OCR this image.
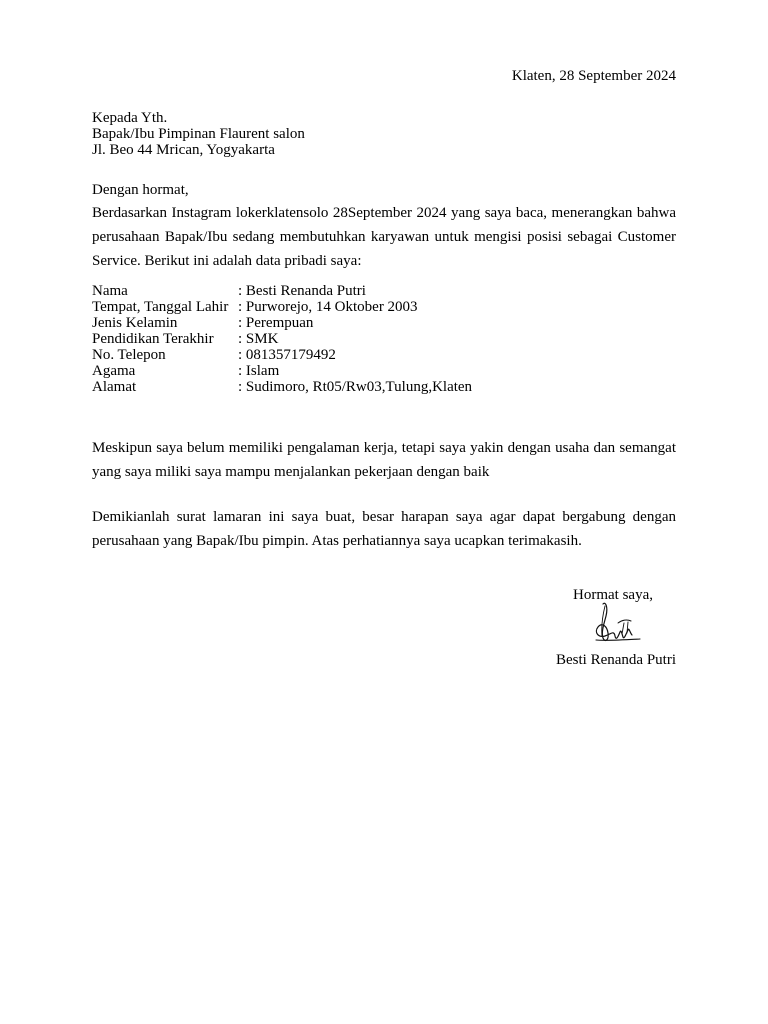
Klaten, 28 September 2024
Kepada Yth.
Bapak/Ibu Pimpinan Flaurent salon
Jl. Beo 44 Mrican, Yogyakarta
Dengan hormat,
Berdasarkan Instagram lokerklatensolo 28September 2024 yang saya baca, menerangkan bahwa perusahaan Bapak/Ibu sedang membutuhkan karyawan untuk mengisi posisi sebagai Customer Service. Berikut ini adalah data pribadi saya:
Nama	: Besti Renanda Putri
Tempat, Tanggal Lahir	: Purworejo, 14 Oktober 2003
Jenis Kelamin	: Perempuan
Pendidikan Terakhir	: SMK
No. Telepon	: 081357179492
Agama	: Islam
Alamat	: Sudimoro, Rt05/Rw03,Tulung,Klaten
Meskipun saya belum memiliki pengalaman kerja, tetapi saya yakin dengan usaha dan semangat yang saya miliki saya mampu menjalankan pekerjaan dengan baik
Demikianlah surat lamaran ini saya buat, besar harapan saya agar dapat bergabung dengan perusahaan yang Bapak/Ibu pimpin. Atas perhatiannya saya ucapkan terimakasih.
Hormat saya,
Besti Renanda Putri
